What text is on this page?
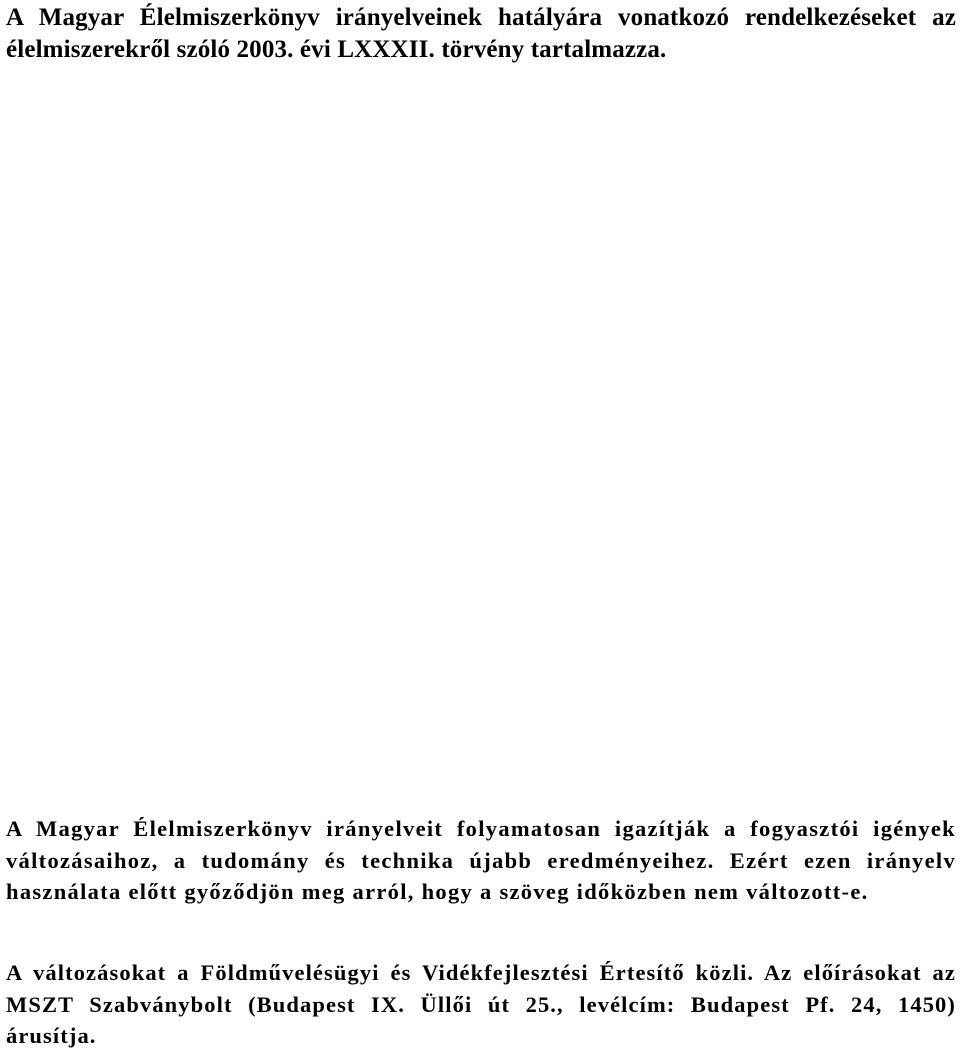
A Magyar Élelmiszerkönyv irányelveinek hatályára vonatkozó rendelkezéseket az élelmiszerekről szóló 2003. évi LXXXII. törvény tartalmazza.

A Magyar Élelmiszerkönyv irányelveit folyamatosan igazítják a fogyasztói igények változásaihoz, a tudomány és technika újabb eredményeihez. Ezért ezen irányelv használata előtt győződjön meg arról, hogy a szöveg időközben nem változott-e.

A változásokat a Földművelésügyi és Vidékfejlesztési Értesítő közli. Az előírásokat az MSZT Szabványbolt (Budapest IX. Üllői út 25., levélcím: Budapest Pf. 24, 1450) árusítja.
